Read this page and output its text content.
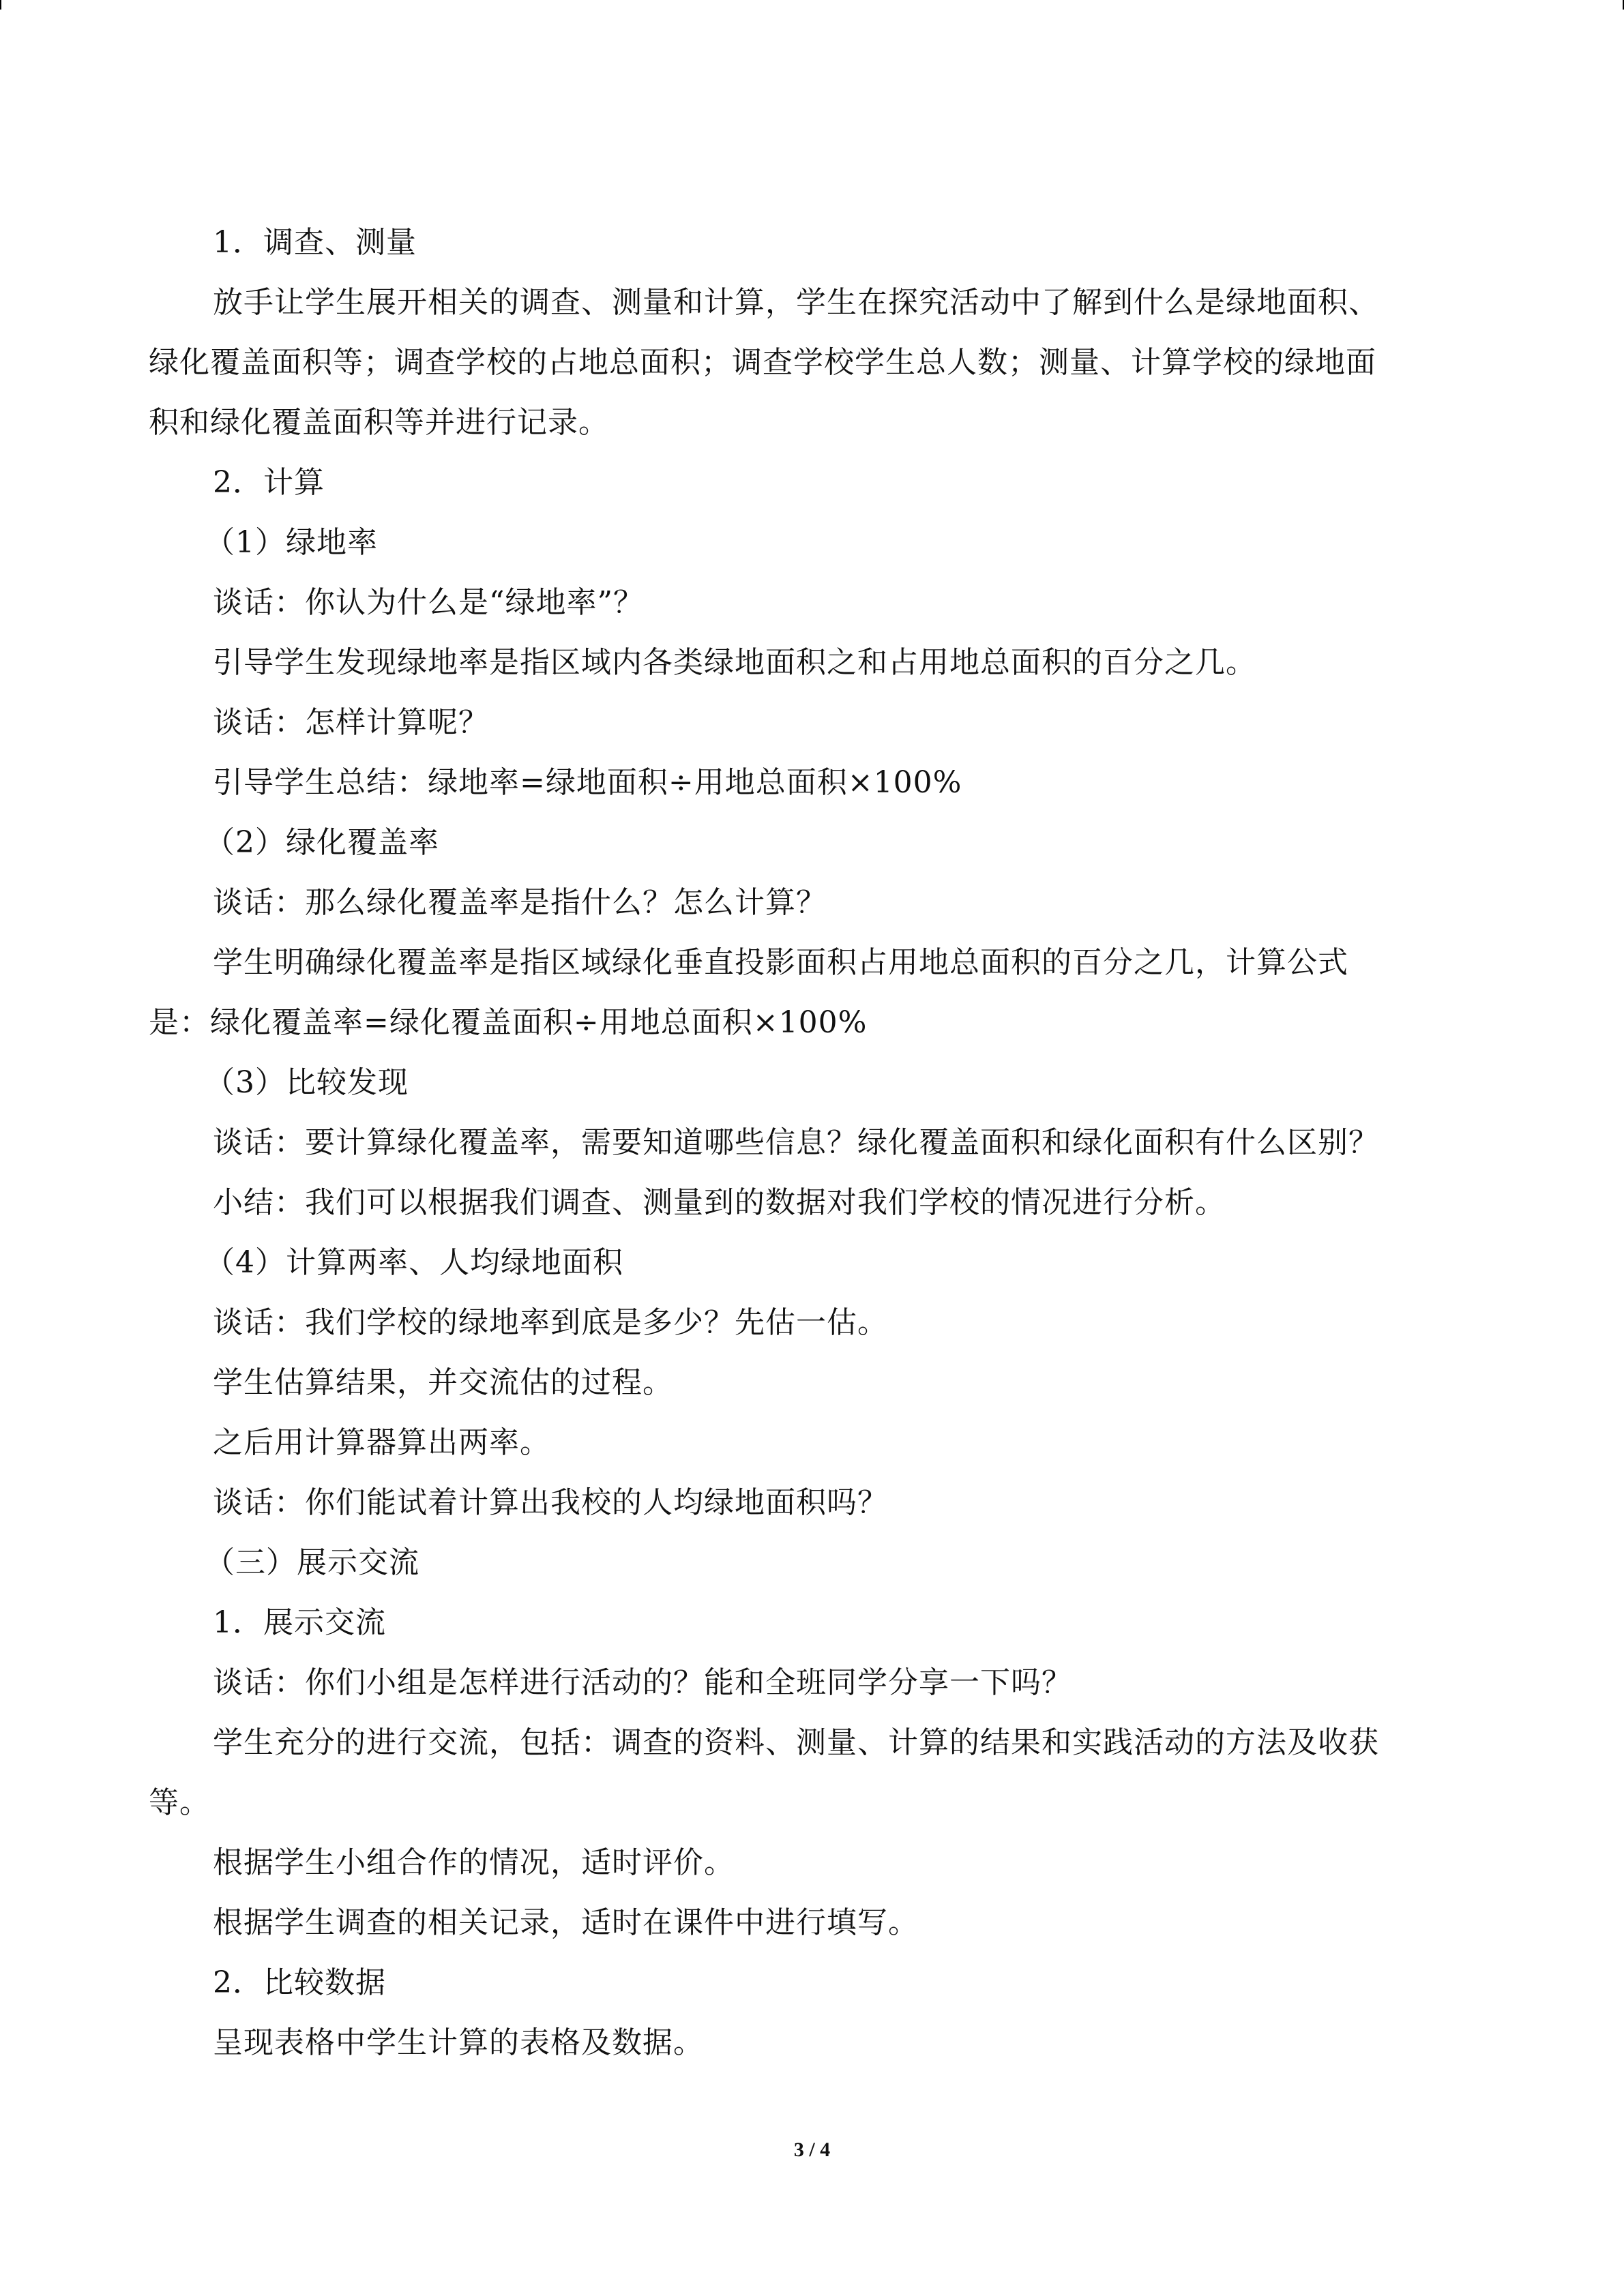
1．调查、测量
放手让学生展开相关的调查、测量和计算，学生在探究活动中了解到什么是绿地面积、
绿化覆盖面积等；调查学校的占地总面积；调查学校学生总人数；测量、计算学校的绿地面
积和绿化覆盖面积等并进行记录。
2．计算
（1）绿地率
谈话：你认为什么是“绿地率”？
引导学生发现绿地率是指区域内各类绿地面积之和占用地总面积的百分之几。
谈话：怎样计算呢？
引导学生总结：绿地率=绿地面积÷用地总面积×100%
（2）绿化覆盖率
谈话：那么绿化覆盖率是指什么？怎么计算？
学生明确绿化覆盖率是指区域绿化垂直投影面积占用地总面积的百分之几，计算公式
是：绿化覆盖率=绿化覆盖面积÷用地总面积×100%
（3）比较发现
谈话：要计算绿化覆盖率，需要知道哪些信息？绿化覆盖面积和绿化面积有什么区别？
小结：我们可以根据我们调查、测量到的数据对我们学校的情况进行分析。
（4）计算两率、人均绿地面积
谈话：我们学校的绿地率到底是多少？先估一估。
学生估算结果，并交流估的过程。
之后用计算器算出两率。
谈话：你们能试着计算出我校的人均绿地面积吗？
（三）展示交流
1．展示交流
谈话：你们小组是怎样进行活动的？能和全班同学分享一下吗？
学生充分的进行交流，包括：调查的资料、测量、计算的结果和实践活动的方法及收获
等。
根据学生小组合作的情况，适时评价。
根据学生调查的相关记录，适时在课件中进行填写。
2．比较数据
呈现表格中学生计算的表格及数据。
3 / 4
